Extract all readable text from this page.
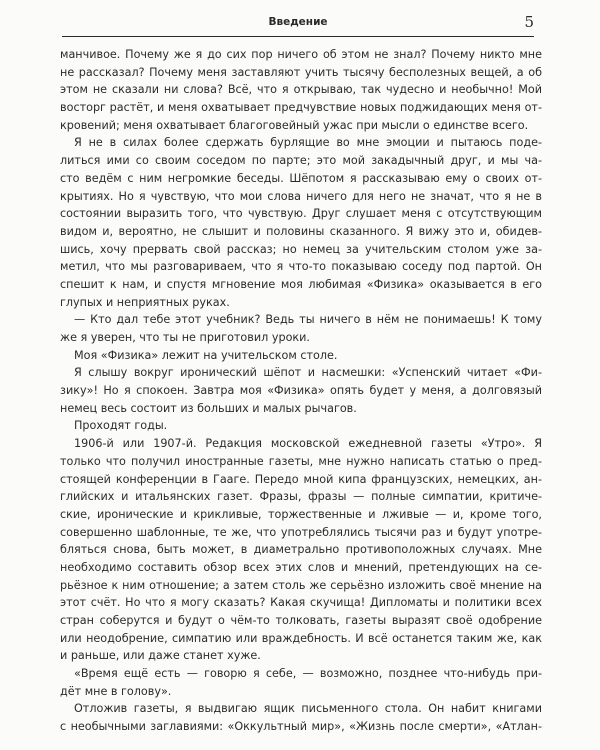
Введение	5
манчивое. Почему же я до сих пор ничего об этом не знал? Почему никто мне
не рассказал? Почему меня заставляют учить тысячу бесполезных вещей, а об
этом не сказали ни слова? Всё, что я открываю, так чудесно и необычно! Мой
восторг растёт, и меня охватывает предчувствие новых поджидающих меня от-
кровений; меня охватывает благоговейный ужас при мысли о единстве всего.
Я не в силах более сдержать бурлящие во мне эмоции и пытаюсь поде-
литься ими со своим соседом по парте; это мой закадычный друг, и мы ча-
сто ведём с ним негромкие беседы. Шёпотом я рассказываю ему о своих от-
крытиях. Но я чувствую, что мои слова ничего для него не значат, что я не в
состоянии выразить того, что чувствую. Друг слушает меня с отсутствующим
видом и, вероятно, не слышит и половины сказанного. Я вижу это и, обидев-
шись, хочу прервать свой рассказ; но немец за учительским столом уже за-
метил, что мы разговариваем, что я что-то показываю соседу под партой. Он
спешит к нам, и спустя мгновение моя любимая «Физика» оказывается в его
глупых и неприятных руках.
— Кто дал тебе этот учебник? Ведь ты ничего в нём не понимаешь! К тому
же я уверен, что ты не приготовил уроки.
Моя «Физика» лежит на учительском столе.
Я слышу вокруг иронический шёпот и насмешки: «Успенский читает «Фи-
зику»! Но я спокоен. Завтра моя «Физика» опять будет у меня, а долговязый
немец весь состоит из больших и малых рычагов.
Проходят годы.
1906-й или 1907-й. Редакция московской ежедневной газеты «Утро». Я
только что получил иностранные газеты, мне нужно написать статью о пред-
стоящей конференции в Гааге. Передо мной кипа французских, немецких, ан-
глийских и итальянских газет. Фразы, фразы — полные симпатии, критиче-
ские, иронические и крикливые, торжественные и лживые — и, кроме того,
совершенно шаблонные, те же, что употреблялись тысячи раз и будут употре-
бляться снова, быть может, в диаметрально противоположных случаях. Мне
необходимо составить обзор всех этих слов и мнений, претендующих на се-
рьёзное к ним отношение; а затем столь же серьёзно изложить своё мнение на
этот счёт. Но что я могу сказать? Какая скучища! Дипломаты и политики всех
стран соберутся и будут о чём-то толковать, газеты выразят своё одобрение
или неодобрение, симпатию или враждебность. И всё останется таким же, как
и раньше, или даже станет хуже.
«Время ещё есть — говорю я себе, — возможно, позднее что-нибудь при-
дёт мне в голову».
Отложив газеты, я выдвигаю ящик письменного стола. Он набит книгами
с необычными заглавиями: «Оккультный мир», «Жизнь после смерти», «Атлан-
